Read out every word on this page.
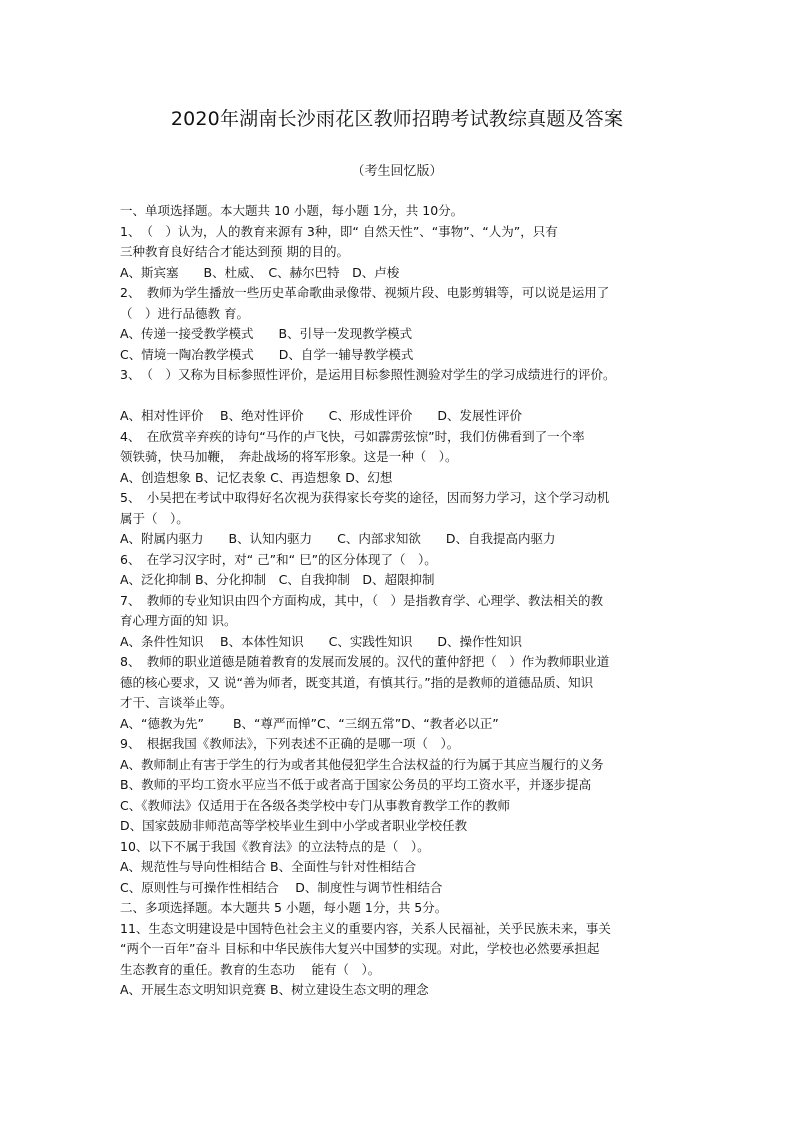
2020年湖南长沙雨花区教师招聘考试教综真题及答案
（考生回忆版）
一、单项选择题。本大题共 10 小题，每小题 1分，共 10分。
1、　（　）认为，人的教育来源有 3种，即“ 自然天性”、“事物”、“人为”，只有
三种教育良好结合才能达到预 期的目的。
A、斯宾塞　　B、杜威、　C、赫尔巴特　D、卢梭
2、　教师为学生播放一些历史革命歌曲录像带、视频片段、电影剪辑等，可以说是运用了
（　）进行品德教 育。
A、传递一接受教学模式　　B、引导一发现教学模式
C、情境一陶冶教学模式　　D、自学一辅导教学模式
3、　（　）又称为目标参照性评价，是运用目标参照性测验对学生的学习成绩进行的评价。
A、相对性评价　 B、绝对性评价　　C、形成性评价　　D、发展性评价
4、　在欣赏辛弃疾的诗句“马作的卢飞快，弓如霹雳弦惊”时，我们仿佛看到了一个率
领铁骑，快马加鞭，　奔赴战场的将军形象。这是一种（　）。
A、创造想象 B、记忆表象 C、再造想象 D、幻想
5、　小吴把在考试中取得好名次视为获得家长夸奖的途径，因而努力学习，这个学习动机
属于（　）。
A、附属内驱力　　B、认知内驱力　　C、内部求知欲　　D、自我提高内驱力
6、　在学习汉字时，对“ 己”和“ 巳”的区分体现了（　）。
A、泛化抑制 B、分化抑制　C、自我抑制　D、超限抑制
7、　教师的专业知识由四个方面构成，其中，（　）是指教育学、心理学、教法相关的教
育心理方面的知 识。
A、条件性知识　 B、本体性知识　　C、实践性知识　　D、操作性知识
8、　教师的职业道德是随着教育的发展而发展的。汉代的董仲舒把（　）作为教师职业道
德的核心要求，又 说“善为师者，既变其道，有慎其行。”指的是教师的道德品质、知识
才干、言谈举止等。
A、“德教为先”　　 B、“尊严而惮”C、“三纲五常”D、“教者必以正”
9、　根据我国《教师法》，下列表述不正确的是哪一项（　）。
A、教师制止有害于学生的行为或者其他侵犯学生合法权益的行为属于其应当履行的义务
B、教师的平均工资水平应当不低于或者高于国家公务员的平均工资水平，并逐步提高
C、《教师法》仅适用于在各级各类学校中专门从事教育教学工作的教师
D、国家鼓励非师范高等学校毕业生到中小学或者职业学校任教
10、以下不属于我国《教育法》的立法特点的是（　）。
A、规范性与导向性相结合 B、全面性与针对性相结合
C、原则性与可操作性相结合　 D、制度性与调节性相结合
二、多项选择题。本大题共 5 小题，每小题 1分，共 5分。
11、生态文明建设是中国特色社会主义的重要内容，关系人民福祉，关乎民族未来，事关
“两个一百年”奋斗 目标和中华民族伟大复兴中国梦的实现。对此，学校也必然要承担起
生态教育的重任。教育的生态功　 能有（　）。
A、开展生态文明知识竞赛 B、树立建设生态文明的理念
